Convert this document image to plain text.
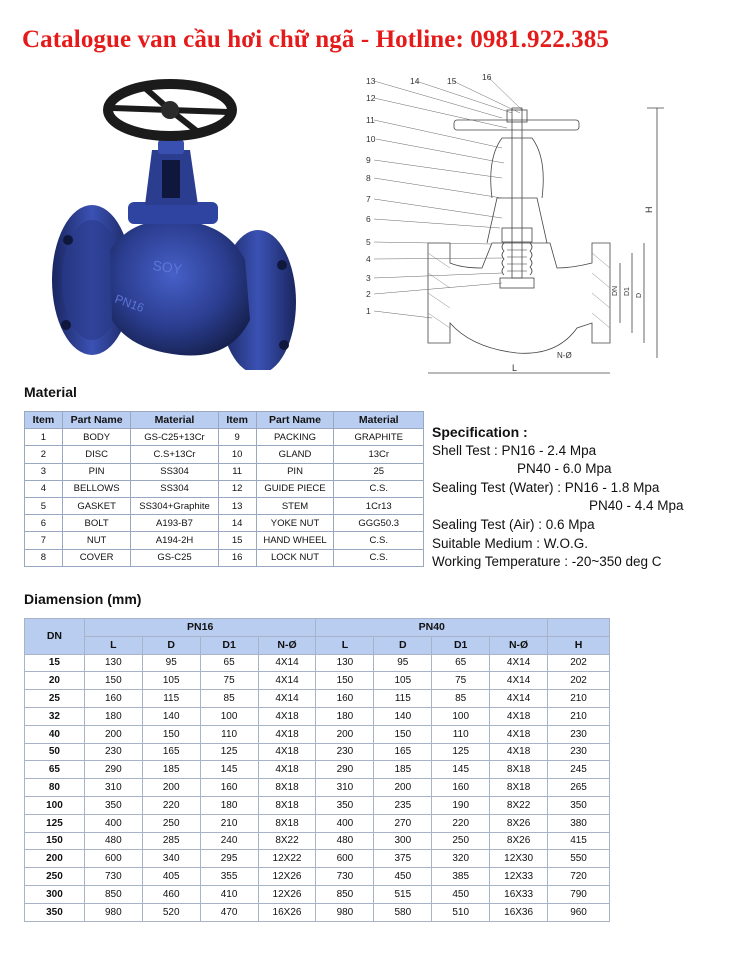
Catalogue van cầu hơi chữ ngã - Hotline: 0981.922.385
SOY
PN16
H
DN D1 D
L
N-Ø
13	14	15	16
12
11
10
9
8
7
6
5
4
3
2
1
Material
Item	Part Name	Material	Item	Part Name	Material
1	BODY	GS-C25+13Cr	9	PACKING	GRAPHITE
2	DISC	C.S+13Cr	10	GLAND	13Cr
3	PIN	SS304	11	PIN	25
4	BELLOWS	SS304	12	GUIDE PIECE	C.S.
5	GASKET	SS304+Graphite	13	STEM	1Cr13
6	BOLT	A193-B7	14	YOKE NUT	GGG50.3
7	NUT	A194-2H	15	HAND WHEEL	C.S.
8	COVER	GS-C25	16	LOCK NUT	C.S.
Specification :
Shell Test : PN16 - 2.4 Mpa
PN40 - 6.0 Mpa
Sealing Test (Water) : PN16 - 1.8 Mpa
PN40 - 4.4 Mpa
Sealing Test (Air) : 0.6 Mpa
Suitable Medium : W.O.G.
Working Temperature : -20~350 deg C
Diamension (mm)
DN	PN16				PN40				
	L	D	D1	N-Ø	L	D	D1	N-Ø	H
15	130	95	65	4X14	130	95	65	4X14	202
20	150	105	75	4X14	150	105	75	4X14	202
25	160	115	85	4X14	160	115	85	4X14	210
32	180	140	100	4X18	180	140	100	4X18	210
40	200	150	110	4X18	200	150	110	4X18	230
50	230	165	125	4X18	230	165	125	4X18	230
65	290	185	145	4X18	290	185	145	8X18	245
80	310	200	160	8X18	310	200	160	8X18	265
100	350	220	180	8X18	350	235	190	8X22	350
125	400	250	210	8X18	400	270	220	8X26	380
150	480	285	240	8X22	480	300	250	8X26	415
200	600	340	295	12X22	600	375	320	12X30	550
250	730	405	355	12X26	730	450	385	12X33	720
300	850	460	410	12X26	850	515	450	16X33	790
350	980	520	470	16X26	980	580	510	16X36	960
